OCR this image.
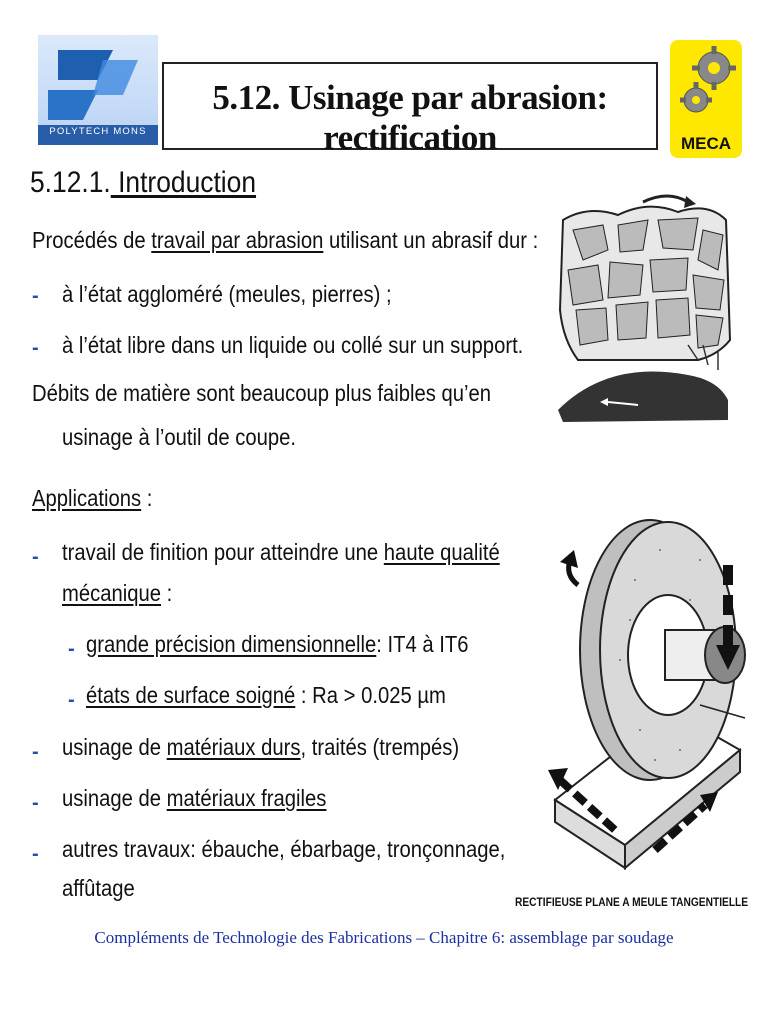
POLYTECH MONS
5.12. Usinage par abrasion: rectification	MECA
5.12.1. Introduction
Procédés de travail par abrasion utilisant un abrasif dur :
- à l’état aggloméré (meules, pierres) ;
- à l’état libre dans un liquide ou collé sur un support.
Débits de matière sont beaucoup plus faibles qu’en
usinage à l’outil de coupe.
Applications :
- travail de finition pour atteindre une haute qualité
mécanique :
- grande précision dimensionnelle: IT4 à IT6
- états de surface soigné : Ra > 0.025 µm
- usinage de matériaux durs, traités (trempés)
- usinage de matériaux fragiles
- autres travaux: ébauche, ébarbage, tronçonnage,
affûtage
RECTIFIEUSE PLANE A MEULE TANGENTIELLE
Compléments de Technologie des Fabrications – Chapitre 6: assemblage par soudage
